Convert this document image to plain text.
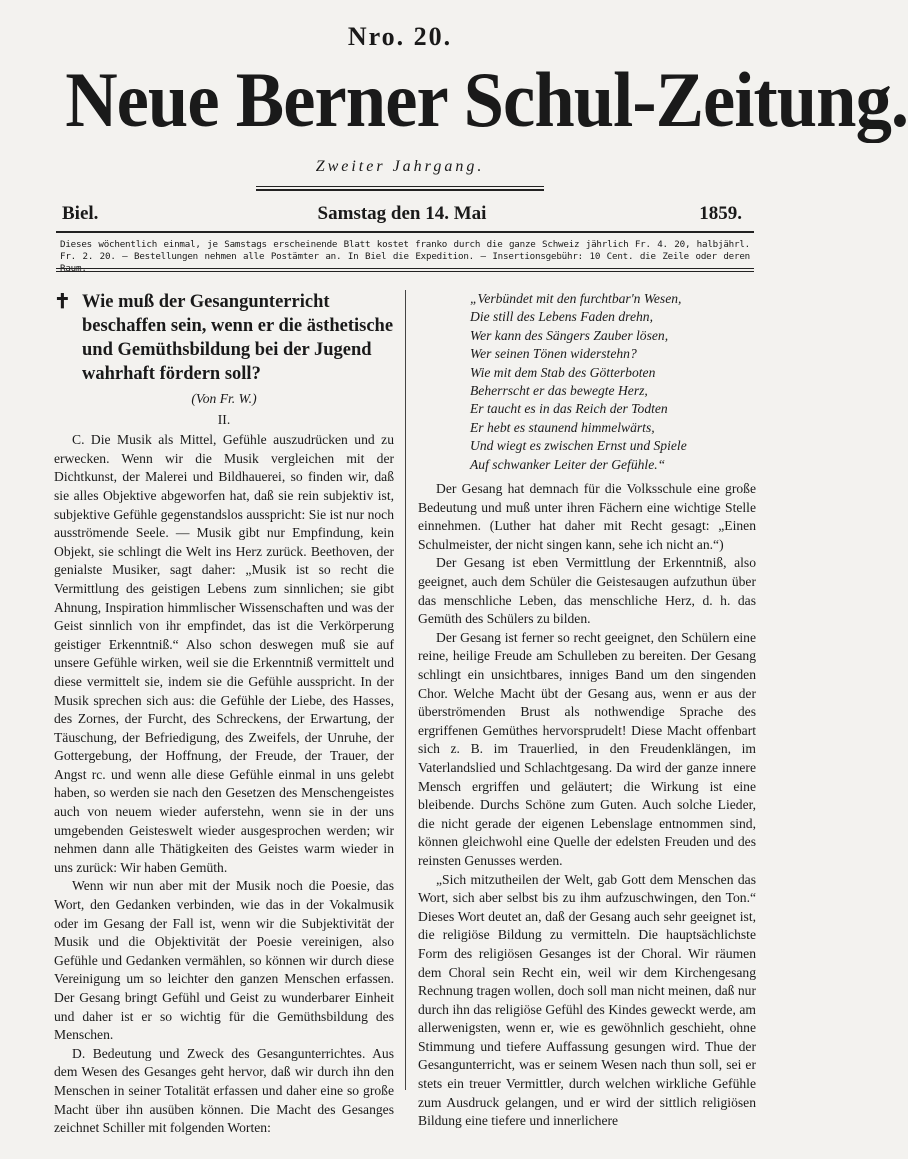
Nro. 20.
Neue Berner Schul-Zeitung.
Zweiter Jahrgang.
Biel.	Samstag den 14. Mai	1859.
Dieses wöchentlich einmal, je Samstags erscheinende Blatt kostet franko durch die ganze Schweiz jährlich Fr. 4. 20, halbjährl. Fr. 2. 20. — Bestellungen nehmen alle Postämter an. In Biel die Expedition. — Insertionsgebühr: 10 Cent. die Zeile oder deren
✝ Wie muß der Gesangunterricht beschaffen sein, wenn er die ästhetische und Gemüthsbildung bei der Jugend wahrhaft fördern soll?
(Von Fr. W.)
II.

C. Die Musik als Mittel, Gefühle auszudrücken und zu erwecken. Wenn wir die Musik vergleichen mit der Dichtkunst, der Malerei und Bildhauerei, so finden wir, daß sie alles Objektive abgeworfen hat, daß sie rein subjektiv ist, subjektive Gefühle gegenstandslos ausspricht: Sie ist nur noch ausströmende Seele. — Musik gibt nur Empfindung, kein Objekt, sie schlingt die Welt ins Herz zurück. Beethoven, der genialste Musiker, sagt daher: „Musik ist so recht die Vermittlung des geistigen Lebens zum sinnlichen; sie gibt Ahnung, Inspiration himmlischer Wissenschaften und was der Geist sinnlich von ihr empfindet, das ist die Verkörperung geistiger Erkenntniß.“ Also schon deswegen muß sie auf unsere Gefühle wirken, weil sie die Erkenntniß vermittelt und diese vermittelt sie, indem sie die Gefühle ausspricht. In der Musik sprechen sich aus: die Gefühle der Liebe, des Hasses, des Zornes, der Furcht, des Schreckens, der Erwartung, der Täuschung, der Befriedigung, des Zweifels, der Unruhe, der Gottergebung, der Hoffnung, der Freude, der Trauer, der Angst rc. und wenn alle diese Gefühle einmal in uns gelebt haben, so werden sie nach den Gesetzen des Menschengeistes auch von neuem wieder auferstehn, wenn sie in der uns umgebenden Geisteswelt wieder ausgesprochen werden; wir nehmen dann alle Thätigkeiten des Geistes warm wieder in uns zurück: Wir haben Gemüth.

Wenn wir nun aber mit der Musik noch die Poesie, das Wort, den Gedanken verbinden, wie das in der Vokalmusik oder im Gesang der Fall ist, wenn wir die Subjektivität der Musik und die Objektivität der Poesie vereinigen, also Gefühle und Gedanken vermählen, so können wir durch diese Vereinigung um so leichter den ganzen Menschen erfassen. Der Gesang bringt Gefühl und Geist zu wunderbarer Einheit und daher ist er so wichtig für die Gemüthsbildung des Menschen.

D. Bedeutung und Zweck des Gesangunterrichtes. Aus dem Wesen des Gesanges geht hervor, daß wir durch ihn den Menschen in seiner Totalität erfassen und daher eine so große Macht über ihn ausüben können. Die Macht des Gesanges zeichnet Schiller mit folgenden Worten:

„Verbündet mit den furchtbar'n Wesen,
Die still des Lebens Faden drehn,
Wer kann des Sängers Zauber lösen,
Wer seinen Tönen widerstehn?
Wie mit dem Stab des Götterboten
Beherrscht er das bewegte Herz,
Er taucht es in das Reich der Todten
Er hebt es staunend himmelwärts,
Und wiegt es zwischen Ernst und Spiele
Auf schwanker Leiter der Gefühle.“

Der Gesang hat demnach für die Volksschule eine große Bedeutung und muß unter ihren Fächern eine wichtige Stelle einnehmen. (Luther hat daher mit Recht gesagt: „Einen Schulmeister, der nicht singen kann, sehe ich nicht an.“)

Der Gesang ist eben Vermittlung der Erkenntniß, also geeignet, auch dem Schüler die Geistesaugen aufzuthun über das menschliche Leben, das menschliche Herz, d. h. das Gemüth des Schülers zu bilden.

Der Gesang ist ferner so recht geeignet, den Schülern eine reine, heilige Freude am Schulleben zu bereiten. Der Gesang schlingt ein unsichtbares, inniges Band um den singenden Chor. Welche Macht übt der Gesang aus, wenn er aus der überströmenden Brust als nothwendige Sprache des ergriffenen Gemüthes hervorsprudelt! Diese Macht offenbart sich z. B. im Trauerlied, in den Freudenklängen, im Vaterlandslied und Schlachtgesang. Da wird der ganze innere Mensch ergriffen und geläutert; die Wirkung ist eine bleibende. Durchs Schöne zum Guten. Auch solche Lieder, die nicht gerade der eigenen Lebenslage entnommen sind, können gleichwohl eine Quelle der edelsten Freuden und des reinsten Genusses werden.

„Sich mitzutheilen der Welt, gab Gott dem Menschen das Wort, sich aber selbst bis zu ihm aufzuschwingen, den Ton.“ Dieses Wort deutet an, daß der Gesang auch sehr geeignet ist, die religiöse Bildung zu vermitteln. Die hauptsächlichste Form des religiösen Gesanges ist der Choral. Wir räumen dem Choral sein Recht ein, weil wir dem Kirchengesang Rechnung tragen wollen, doch soll man nicht meinen, daß nur durch ihn das religiöse Gefühl des Kindes geweckt werde, am allerwenigsten, wenn er, wie es gewöhnlich geschieht, ohne Stimmung und tiefere Auffassung gesungen wird. Thue der Gesangunterricht, was er seinem Wesen nach thun soll, sei er stets ein treuer Vermittler, durch welchen wirkliche Gefühle zum Ausdruck gelangen, und er wird der sittlich religiösen Bildung eine tiefere und innerlichere
